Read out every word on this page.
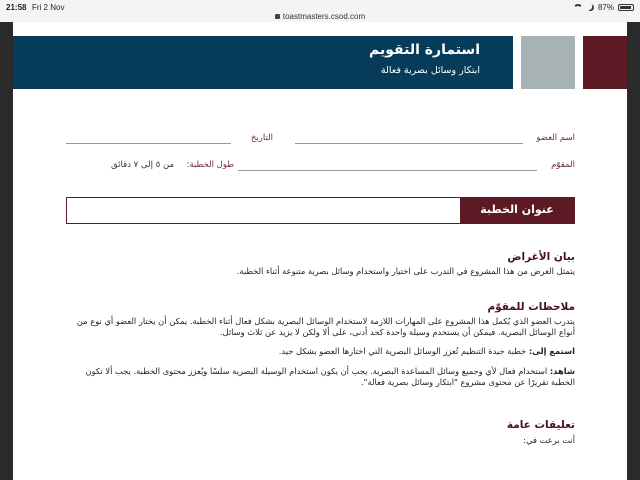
21:58 Fri 2 Nov
toastmasters.csod.com
87%
استمارة التقويم
ابتكار وسائل بصرية فعالة
اسم العضو
التاريخ
المقوّم
طول الخطبة:
من ٥ إلى ٧ دقائق
عنوان الخطبة
بيان الأغراض
يتمثل الغرض من هذا المشروع في التدرب على اختيار واستخدام وسائل بصرية متنوعة أثناء الخطبة.
ملاحظات للمقوّم
يتدرب العضو الذي يُكمل هذا المشروع على المهارات اللازمة لاستخدام الوسائل البصرية بشكل فعال أثناء الخطبة. يمكن أن يختار العضو أي نوع من أنواع الوسائل البصرية. فيمكن أن يستخدم وسيلة واحدة كحد أدنى، على ألا ولكن لا يزيد عن ثلاث وسائل.
استمع إلى: خطبة جيدة التنظيم تُعزز الوسائل البصرية التي اختارها العضو بشكل جيد.
شاهد: استخدام فعال لأي وجميع وسائل المساعدة البصرية. يجب أن يكون استخدام الوسيلة البصرية سلسًا ويُعزز محتوى الخطبة. يجب ألا تكون الخطبة تقريرًا عن محتوى مشروع "ابتكار وسائل بصرية فعالة".
تعليقات عامة
أنت برعت في:
